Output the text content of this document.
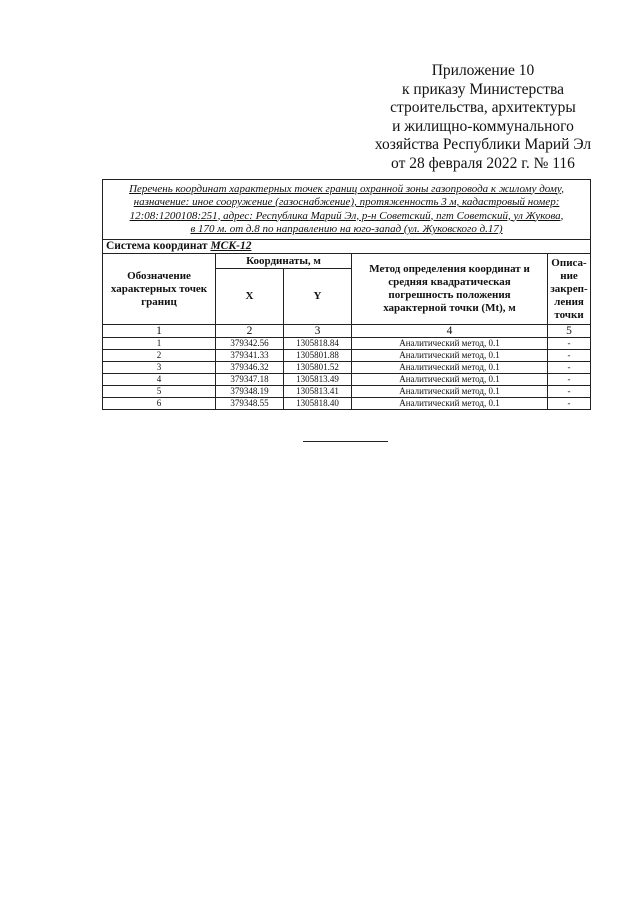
Приложение 10
к приказу Министерства
строительства, архитектуры
и жилищно-коммунального
хозяйства Республики Марий Эл
от 28 февраля 2022 г. № 116
Перечень координат характерных точек границ охранной зоны газопровода к жилому дому,
назначение: иное сооружение (газоснабжение), протяженность 3 м, кадастровый номер:
12:08:1200108:251, адрес: Республика Марий Эл, р-н Советский, пгт Советский, ул Жукова,
в 170 м. от д.8 по направлению на юго-запад (ул. Жуковского д.17)				

Система координат МСК-12				
Обозначение характерных точек границ	Координаты, м		Метод определения координат и средняя квадратическая погрешность положения характерной точки (Mt), м	Описа-
ние
закреп-
ления
точки

	X	Y		
1	2	3	4	5
1	379342.56	1305818.84	Аналитический метод, 0.1	-
2	379341.33	1305801.88	Аналитический метод, 0.1	-
3	379346.32	1305801.52	Аналитический метод, 0.1	-
4	379347.18	1305813.49	Аналитический метод, 0.1	-
5	379348.19	1305813.41	Аналитический метод, 0.1	-
6	379348.55	1305818.40	Аналитический метод, 0.1	-
